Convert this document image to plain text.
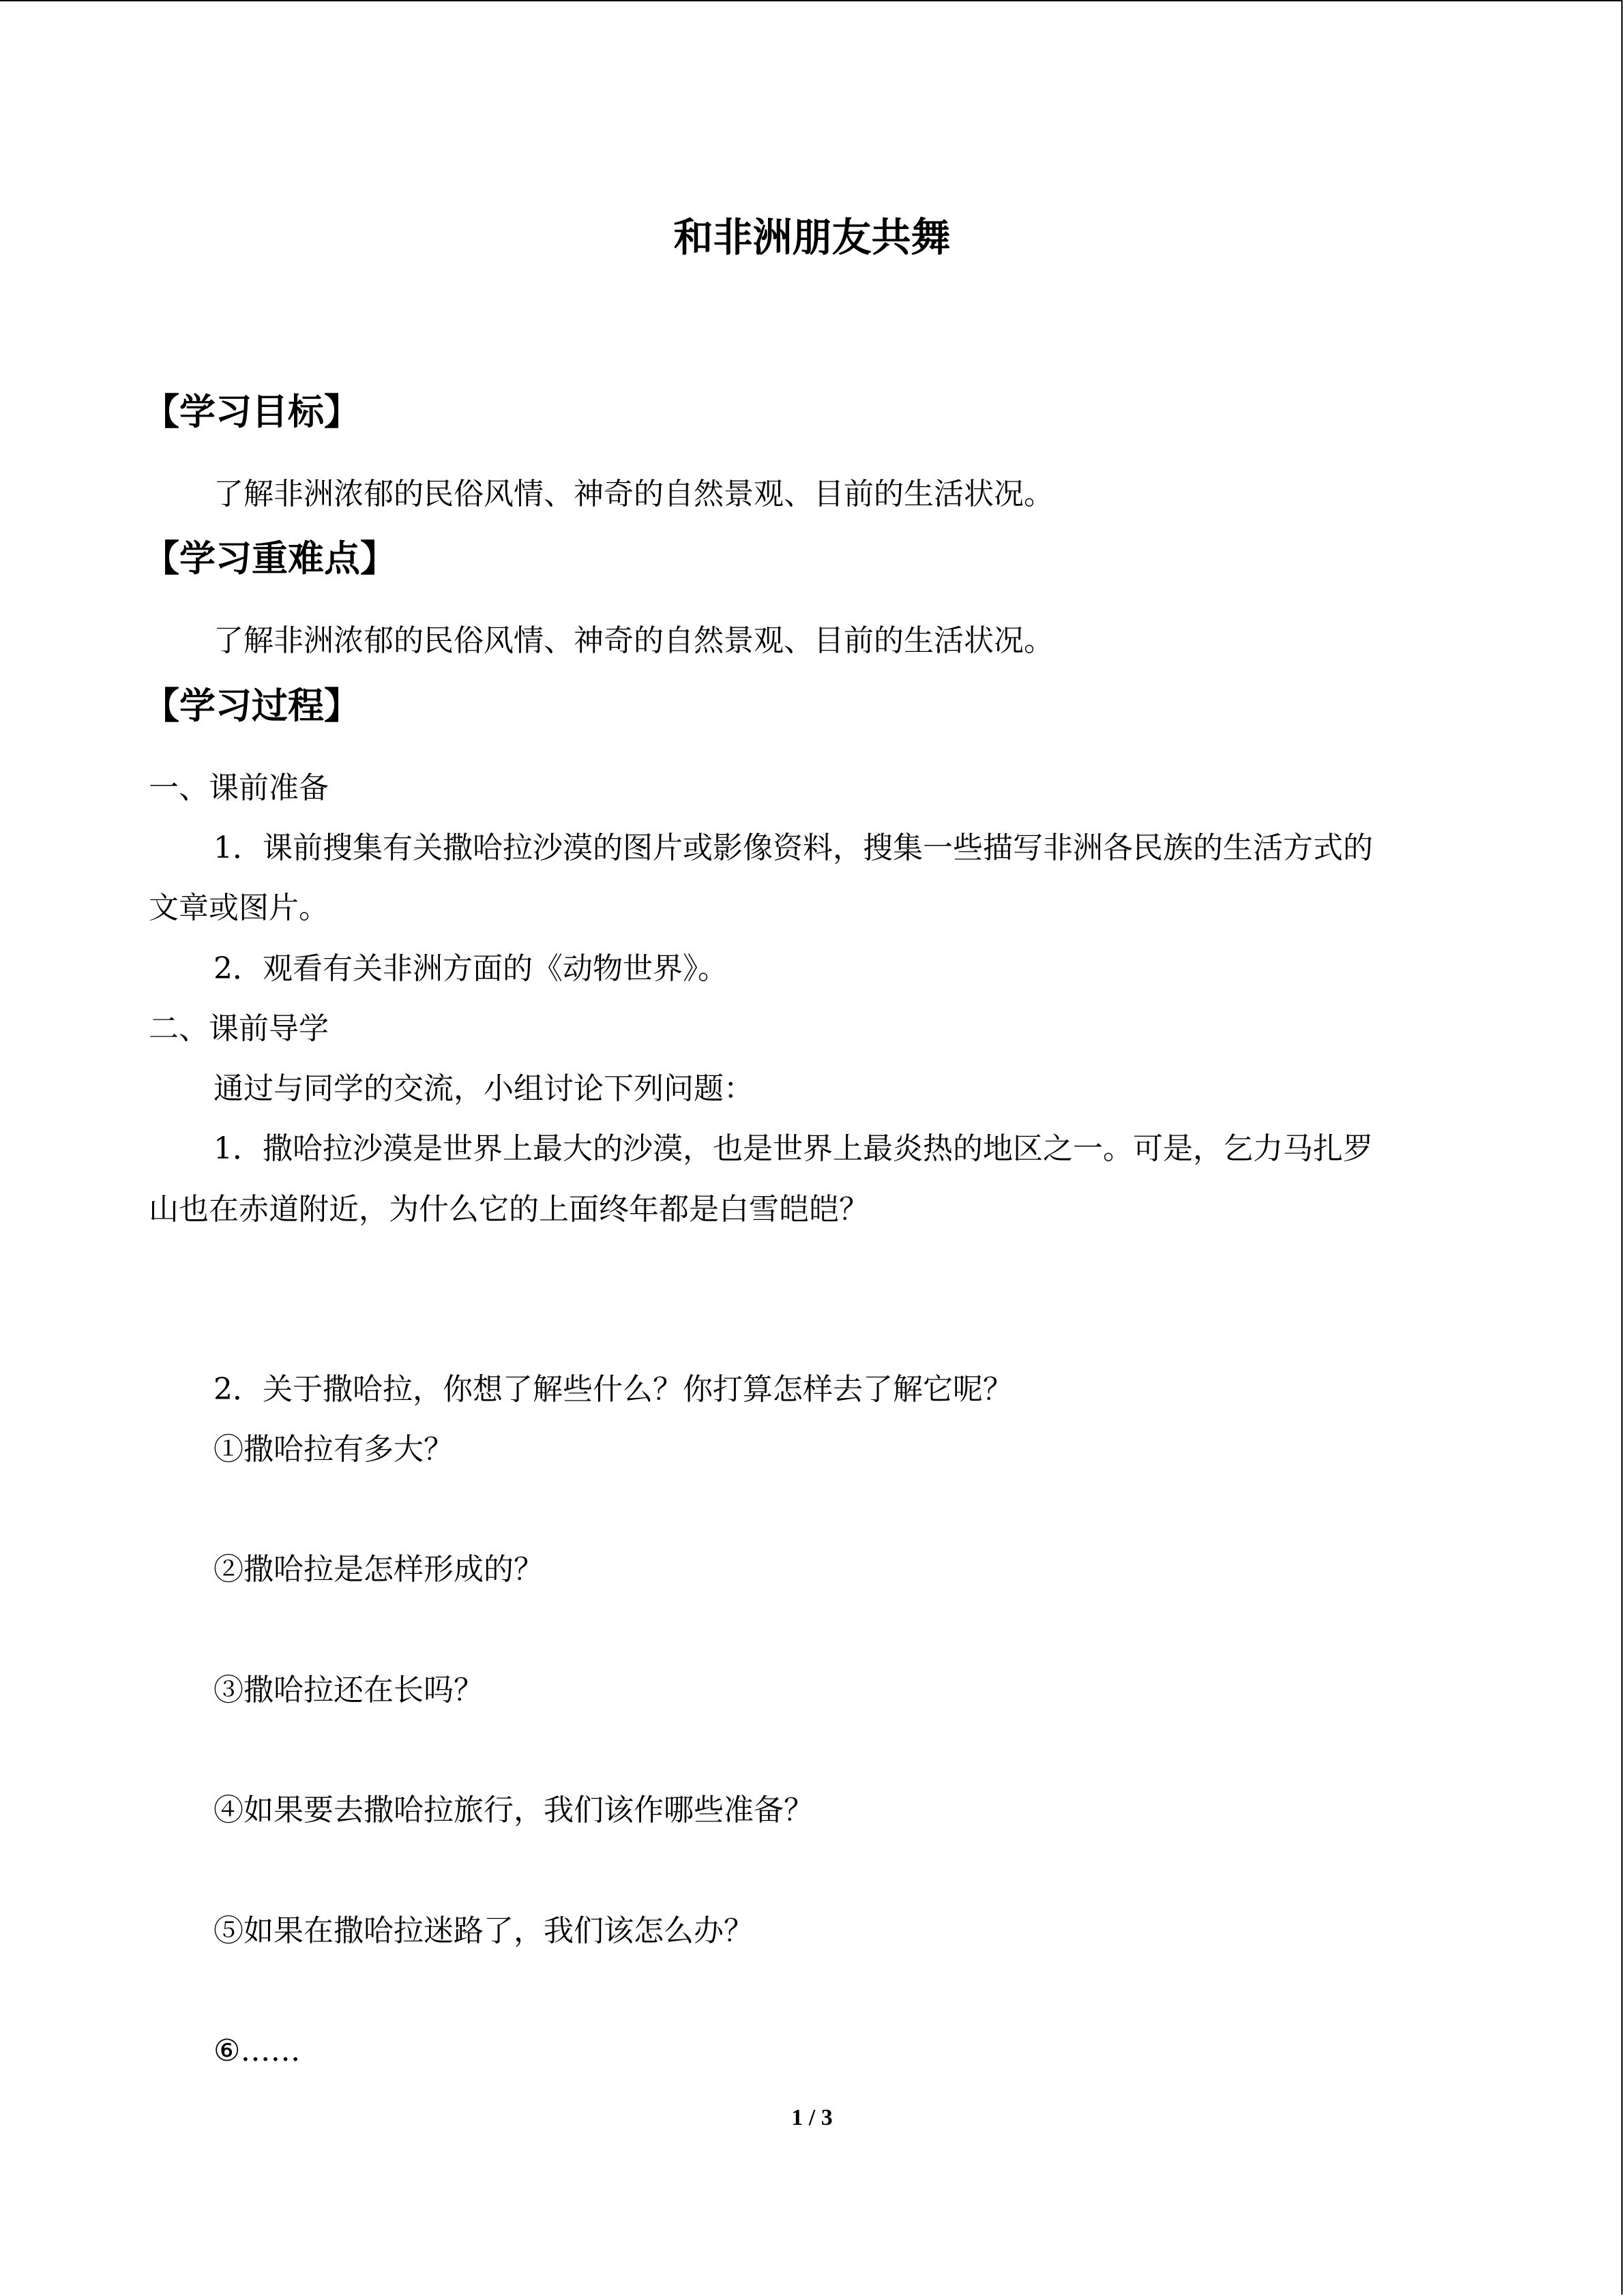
和非洲朋友共舞
【学习目标】
了解非洲浓郁的民俗风情、神奇的自然景观、目前的生活状况。
【学习重难点】
了解非洲浓郁的民俗风情、神奇的自然景观、目前的生活状况。
【学习过程】
一、课前准备
1．课前搜集有关撒哈拉沙漠的图片或影像资料，搜集一些描写非洲各民族的生活方式的
文章或图片。
2．观看有关非洲方面的《动物世界》。
二、课前导学
通过与同学的交流，小组讨论下列问题：
1．撒哈拉沙漠是世界上最大的沙漠，也是世界上最炎热的地区之一。可是，乞力马扎罗
山也在赤道附近，为什么它的上面终年都是白雪皑皑？
2．关于撒哈拉，你想了解些什么？你打算怎样去了解它呢？
①撒哈拉有多大？
②撒哈拉是怎样形成的？
③撒哈拉还在长吗？
④如果要去撒哈拉旅行，我们该作哪些准备？
⑤如果在撒哈拉迷路了，我们该怎么办？
⑥……
1 / 3
